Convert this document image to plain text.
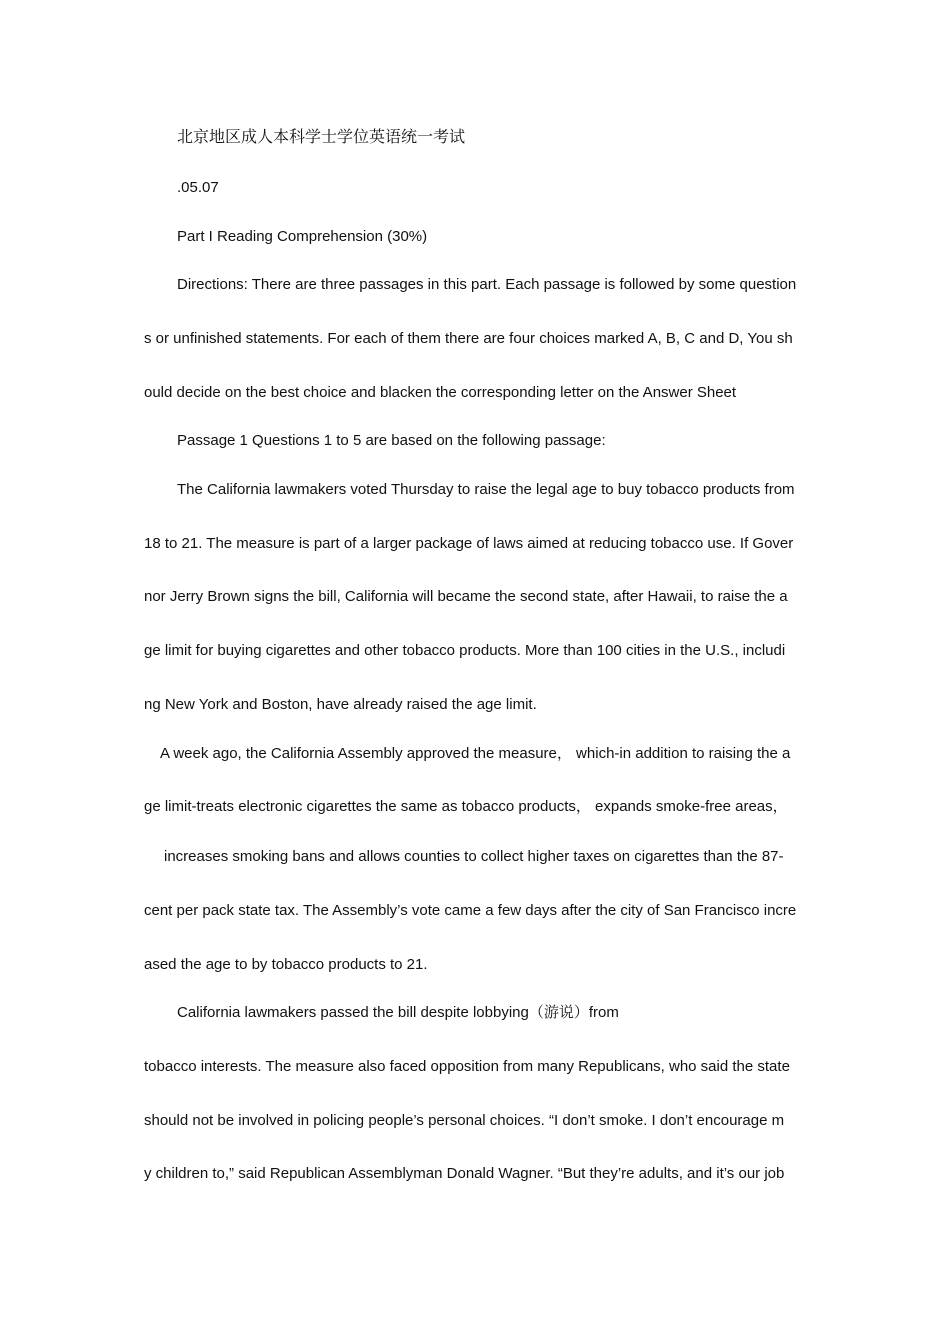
北京地区成人本科学士学位英语统一考试
.05.07
Part I Reading Comprehension (30%)
Directions: There are three passages in this part. Each passage is followed by some question
s or unfinished statements. For each of them there are four choices marked A, B, C and D, You sh
ould decide on the best choice and blacken the corresponding letter on the Answer Sheet
Passage 1 Questions 1 to 5 are based on the following passage:
The California lawmakers voted Thursday to raise the legal age to buy tobacco products from
18 to 21. The measure is part of a larger package of laws aimed at reducing tobacco use. If Gover
nor Jerry Brown signs the bill, California will became the second state, after Hawaii, to raise the a
ge limit for buying cigarettes and other tobacco products. More than 100 cities in the U.S., includi
ng New York and Boston, have already raised the age limit.
A week ago, the California Assembly approved the measure， which-in addition to raising the a
ge limit-treats electronic cigarettes the same as tobacco products， expands smoke-free areas，
increases smoking bans and allows counties to collect higher taxes on cigarettes than the 87-
cent per pack state tax. The Assembly’s vote came a few days after the city of San Francisco incre
ased the age to by tobacco products to 21.
California lawmakers passed the bill despite lobbying（游说）from
tobacco interests. The measure also faced opposition from many Republicans, who said the state
should not be involved in policing people’s personal choices. “I don’t smoke. I don’t encourage m
y children to,” said Republican Assemblyman Donald Wagner. “But they’re adults, and it’s our job
